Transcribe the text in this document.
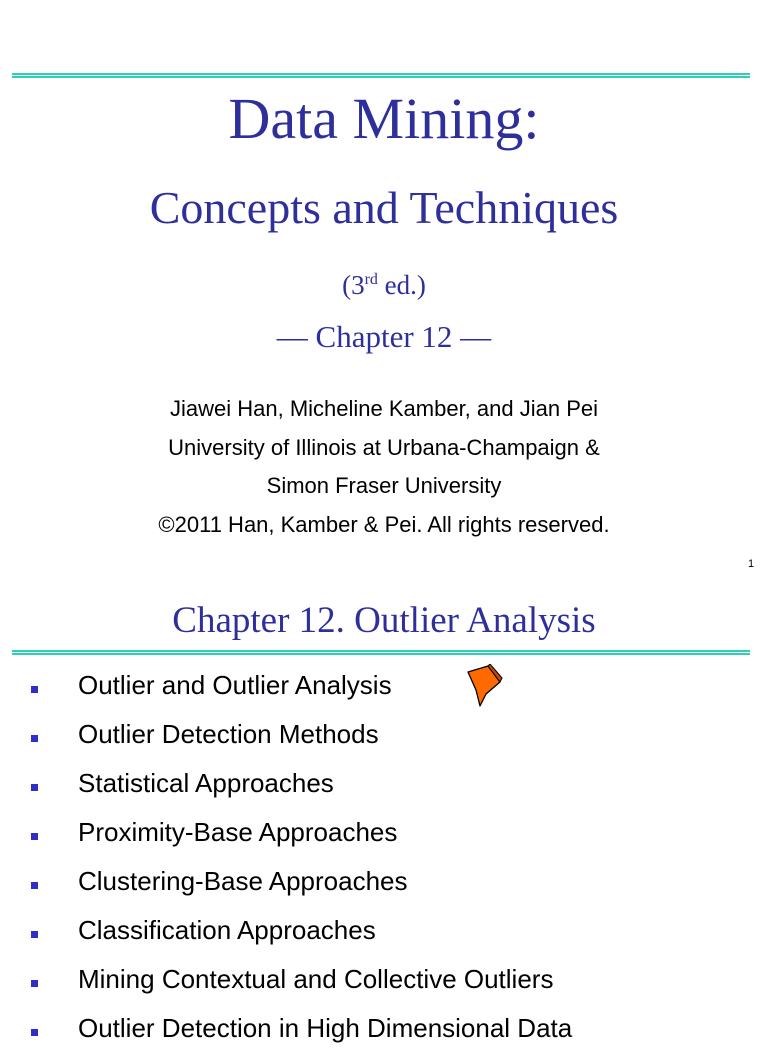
Data Mining:
Concepts and Techniques
(3rd ed.)
— Chapter 12 —
Jiawei Han, Micheline Kamber, and Jian Pei
University of Illinois at Urbana-Champaign &
Simon Fraser University
©2011 Han, Kamber & Pei. All rights reserved.
1
Chapter 12. Outlier Analysis
Outlier and Outlier Analysis
Outlier Detection Methods
Statistical Approaches
Proximity-Base Approaches
Clustering-Base Approaches
Classification Approaches
Mining Contextual and Collective Outliers
Outlier Detection in High Dimensional Data
